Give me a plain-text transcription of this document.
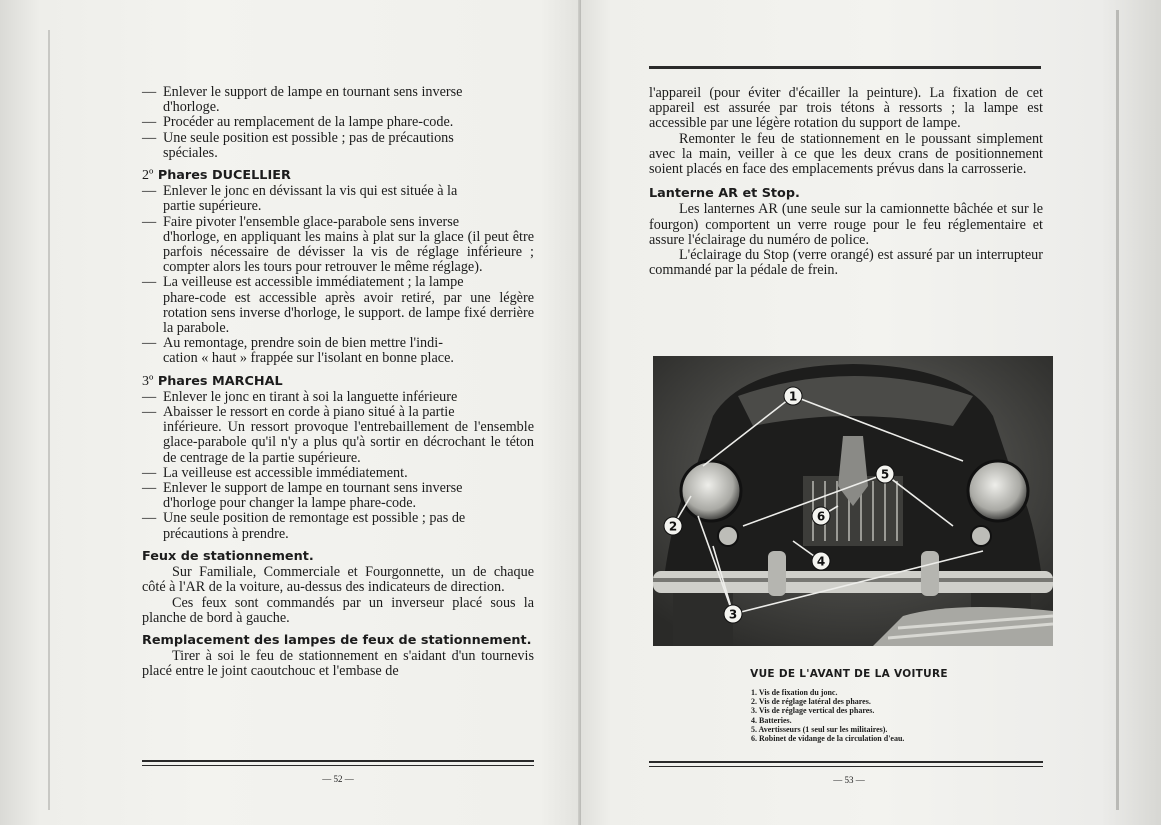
— Enlever le support de lampe en tournant sens inverse

d'horloge.

— Procéder au remplacement de la lampe phare-code.

— Une seule position est possible ; pas de précautions

spéciales.

2º Phares DUCELLIER

— Enlever le jonc en dévissant la vis qui est située à la

partie supérieure.

— Faire pivoter l'ensemble glace-parabole sens inverse

d'horloge, en appliquant les mains à plat sur la glace (il peut être parfois nécessaire de dévisser la vis de réglage inférieure ; compter alors les tours pour retrouver le même réglage).

— La veilleuse est accessible immédiatement ; la lampe

phare-code est accessible après avoir retiré, par une légère rotation sens inverse d'horloge, le support. de lampe fixé derrière la parabole.

— Au remontage, prendre soin de bien mettre l'indi-

cation « haut » frappée sur l'isolant en bonne place.

3º Phares MARCHAL

— Enlever le jonc en tirant à soi la languette inférieure

— Abaisser le ressort en corde à piano situé à la partie

inférieure. Un ressort provoque l'entrebaillement de l'ensemble glace-parabole qu'il n'y a plus qu'à sortir en décrochant le téton de centrage de la partie supérieure.

— La veilleuse est accessible immédiatement.

— Enlever le support de lampe en tournant sens inverse

d'horloge pour changer la lampe phare-code.

— Une seule position de remontage est possible ; pas de

précautions à prendre.

Feux de stationnement.

Sur Familiale, Commerciale et Fourgonnette, un de chaque côté à l'AR de la voiture, au-dessus des indicateurs de direction.

Ces feux sont commandés par un inverseur placé sous la planche de bord à gauche.

Remplacement des lampes de feux de stationnement.

Tirer à soi le feu de stationnement en s'aidant d'un tournevis placé entre le joint caoutchouc et l'embase de

— 52 —

l'appareil (pour éviter d'écailler la peinture). La fixation de cet appareil est assurée par trois tétons à ressorts ; la lampe est accessible par une légère rotation du support de lampe.

Remonter le feu de stationnement en le poussant simplement avec la main, veiller à ce que les deux crans de positionnement soient placés en face des emplacements prévus dans la carrosserie.

Lanterne AR et Stop.

Les lanternes AR (une seule sur la camionnette bâchée et sur le fourgon) comportent un verre rouge pour le feu réglementaire et assure l'éclairage du numéro de police.

L'éclairage du Stop (verre orangé) est assuré par un interrupteur commandé par la pédale de frein.

1
2
3
4
5
6
VUE DE L'AVANT DE LA VOITURE
1. Vis de fixation du jonc.
2. Vis de réglage latéral des phares.
3. Vis de réglage vertical des phares.
4. Batteries.
5. Avertisseurs (1 seul sur les militaires).
6. Robinet de vidange de la circulation d'eau.
— 53 —
